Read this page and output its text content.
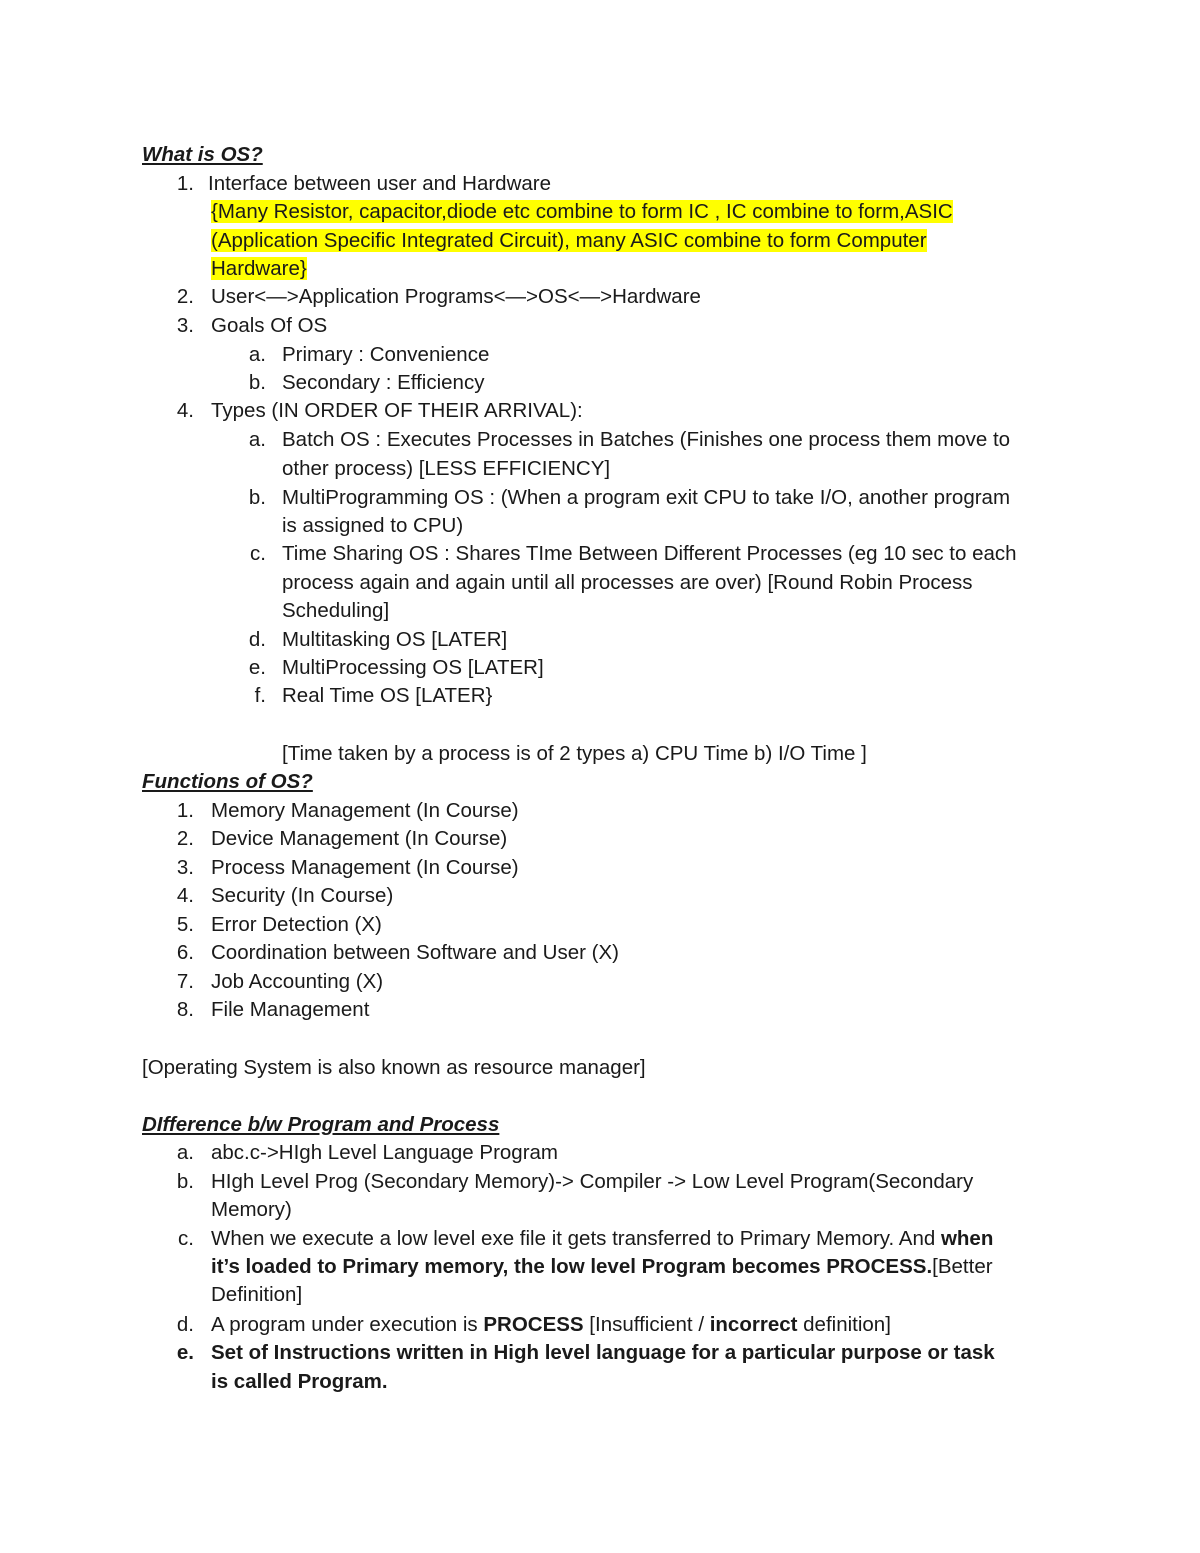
What is OS?
1. Interface between user and Hardware
{Many Resistor, capacitor,diode etc combine to form IC , IC combine to form,ASIC
(Application Specific Integrated Circuit), many ASIC combine to form Computer
Hardware}
2. User<—>Application Programs<—>OS<—>Hardware
3. Goals Of OS
a. Primary : Convenience
b. Secondary : Efficiency
4. Types (IN ORDER OF THEIR ARRIVAL):
a. Batch OS : Executes Processes in Batches (Finishes one process them move to
other process) [LESS EFFICIENCY]
b. MultiProgramming OS : (When a program exit CPU to take I/O, another program
is assigned to CPU)
c. Time Sharing OS : Shares TIme Between Different Processes (eg 10 sec to each
process again and again until all processes are over) [Round Robin Process
Scheduling]
d. Multitasking OS [LATER]
e. MultiProcessing OS [LATER]
f. Real Time OS [LATER}
[Time taken by a process is of 2 types a) CPU Time b) I/O Time ]
Functions of OS?
1. Memory Management (In Course)
2. Device Management (In Course)
3. Process Management (In Course)
4. Security (In Course)
5. Error Detection (X)
6. Coordination between Software and User (X)
7. Job Accounting (X)
8. File Management
[Operating System is also known as resource manager]
DIfference b/w Program and Process
a. abc.c->HIgh Level Language Program
b. HIgh Level Prog (Secondary Memory)-> Compiler -> Low Level Program(Secondary
Memory)
c. When we execute a low level exe file it gets transferred to Primary Memory. And when
it’s loaded to Primary memory, the low level Program becomes PROCESS.[Better
Definition]
d. A program under execution is PROCESS [Insufficient / incorrect definition]
e. Set of Instructions written in High level language for a particular purpose or task
is called Program.
